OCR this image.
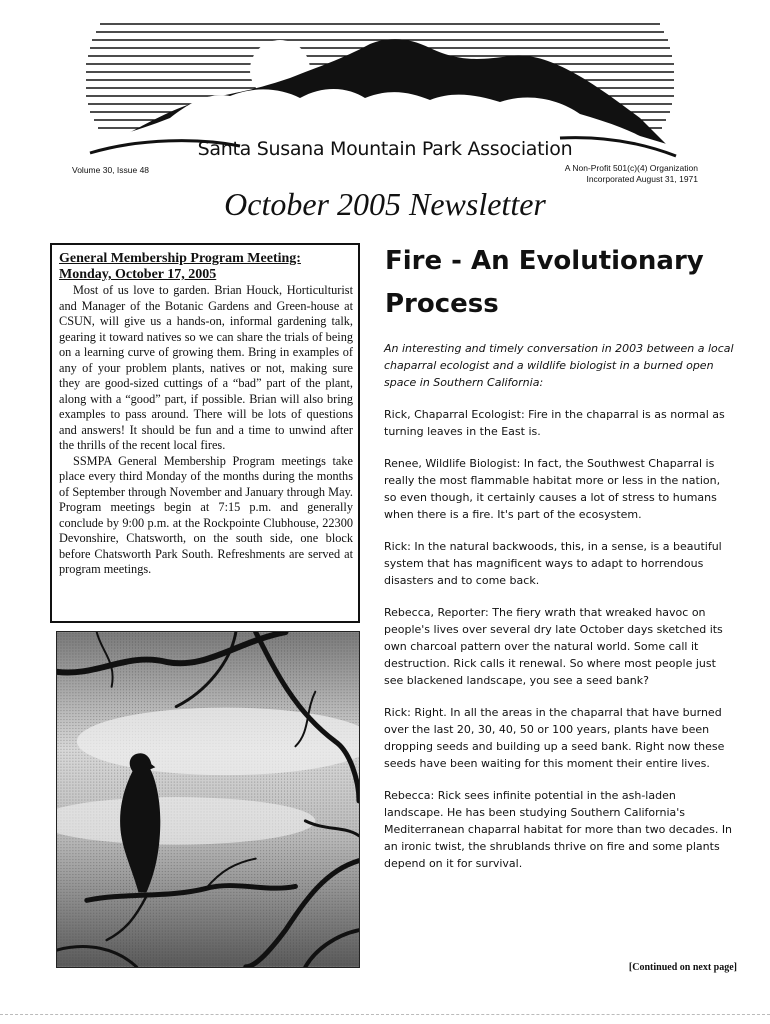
Santa Susana Mountain Park Association
Volume 30, Issue 48	A Non-Profit 501(c)(4) Organization
Incorporated August 31, 1971
October 2005 Newsletter
General Membership Program Meeting:
Monday, October 17, 2005

Most of us love to garden. Brian Houck, Horticulturist and Manager of the Botanic Gardens and Green-house at CSUN, will give us a hands-on, informal gardening talk, gearing it toward natives so we can share the trials of being on a learning curve of growing them. Bring in examples of any of your problem plants, natives or not, making sure they are good-sized cuttings of a “bad” part of the plant, along with a “good” part, if possible. Brian will also bring examples to pass around. There will be lots of questions and answers! It should be fun and a time to unwind after the thrills of the recent local fires.

SSMPA General Membership Program meetings take place every third Monday of the months during the months of September through November and January through May. Program meetings begin at 7:15 p.m. and generally conclude by 9:00 p.m. at the Rockpointe Clubhouse, 22300 Devonshire, Chatsworth, on the south side, one block before Chatsworth Park South. Refreshments are served at program meetings.

Fire - An Evolutionary Process

An interesting and timely conversation in 2003 between a local chaparral ecologist and a wildlife biologist in a burned open space in Southern California:

Rick, Chaparral Ecologist: Fire in the chaparral is as normal as turning leaves in the East is.

Renee, Wildlife Biologist: In fact, the Southwest Chaparral is really the most flammable habitat more or less in the nation, so even though, it certainly causes a lot of stress to humans when there is a fire. It's part of the ecosystem.

Rick: In the natural backwoods, this, in a sense, is a beautiful system that has magnificent ways to adapt to horrendous disasters and to come back.

Rebecca, Reporter: The fiery wrath that wreaked havoc on people's lives over several dry late October days sketched its own charcoal pattern over the natural world. Some call it destruction. Rick calls it renewal. So where most people just see blackened landscape, you see a seed bank?

Rick: Right. In all the areas in the chaparral that have burned over the last 20, 30, 40, 50 or 100 years, plants have been dropping seeds and building up a seed bank. Right now these seeds have been waiting for this moment their entire lives.

Rebecca: Rick sees infinite potential in the ash-laden landscape. He has been studying Southern California's Mediterranean chaparral habitat for more than two decades. In an ironic twist, the shrublands thrive on fire and some plants depend on it for survival.

[Continued on next page]
